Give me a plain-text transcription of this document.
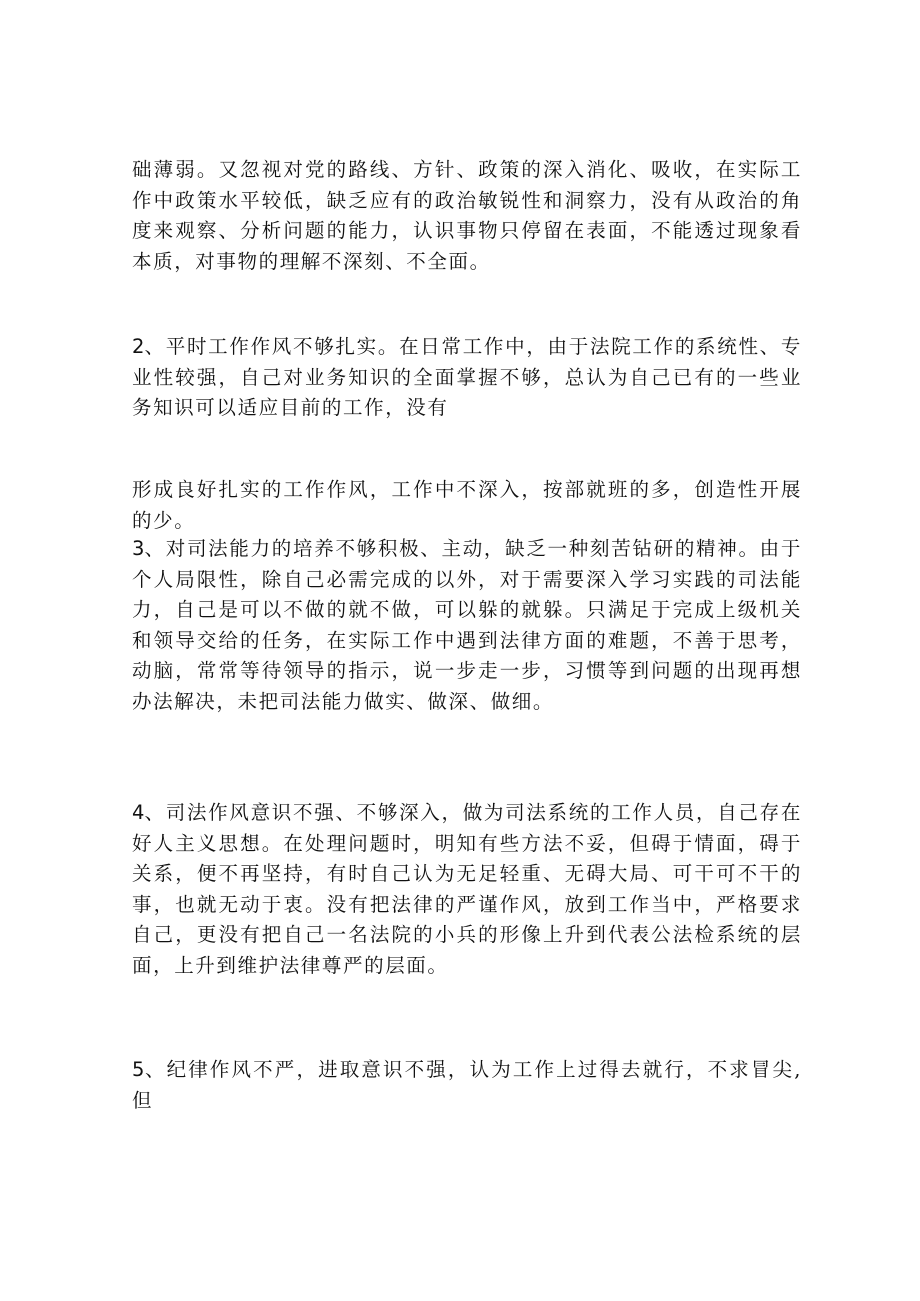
础薄弱。又忽视对党的路线、方针、政策的深入消化、吸收，在实际工作中政策水平较低，缺乏应有的政治敏锐性和洞察力，没有从政治的角度来观察、分析问题的能力，认识事物只停留在表面，不能透过现象看本质，对事物的理解不深刻、不全面。

2、平时工作作风不够扎实。在日常工作中，由于法院工作的系统性、专业性较强，自己对业务知识的全面掌握不够，总认为自己已有的一些业务知识可以适应目前的工作，没有

形成良好扎实的工作作风，工作中不深入，按部就班的多，创造性开展的少。

3、对司法能力的培养不够积极、主动，缺乏一种刻苦钻研的精神。由于个人局限性，除自己必需完成的以外，对于需要深入学习实践的司法能力，自己是可以不做的就不做，可以躲的就躲。只满足于完成上级机关和领导交给的任务，在实际工作中遇到法律方面的难题，不善于思考，动脑，常常等待领导的指示，说一步走一步，习惯等到问题的出现再想办法解决，未把司法能力做实、做深、做细。

4、司法作风意识不强、不够深入，做为司法系统的工作人员，自己存在好人主义思想。在处理问题时，明知有些方法不妥，但碍于情面，碍于关系，便不再坚持，有时自己认为无足轻重、无碍大局、可干可不干的事，也就无动于衷。没有把法律的严谨作风，放到工作当中，严格要求自己，更没有把自己一名法院的小兵的形像上升到代表公法检系统的层面，上升到维护法律尊严的层面。

5、纪律作风不严，进取意识不强，认为工作上过得去就行，不求冒尖,但
